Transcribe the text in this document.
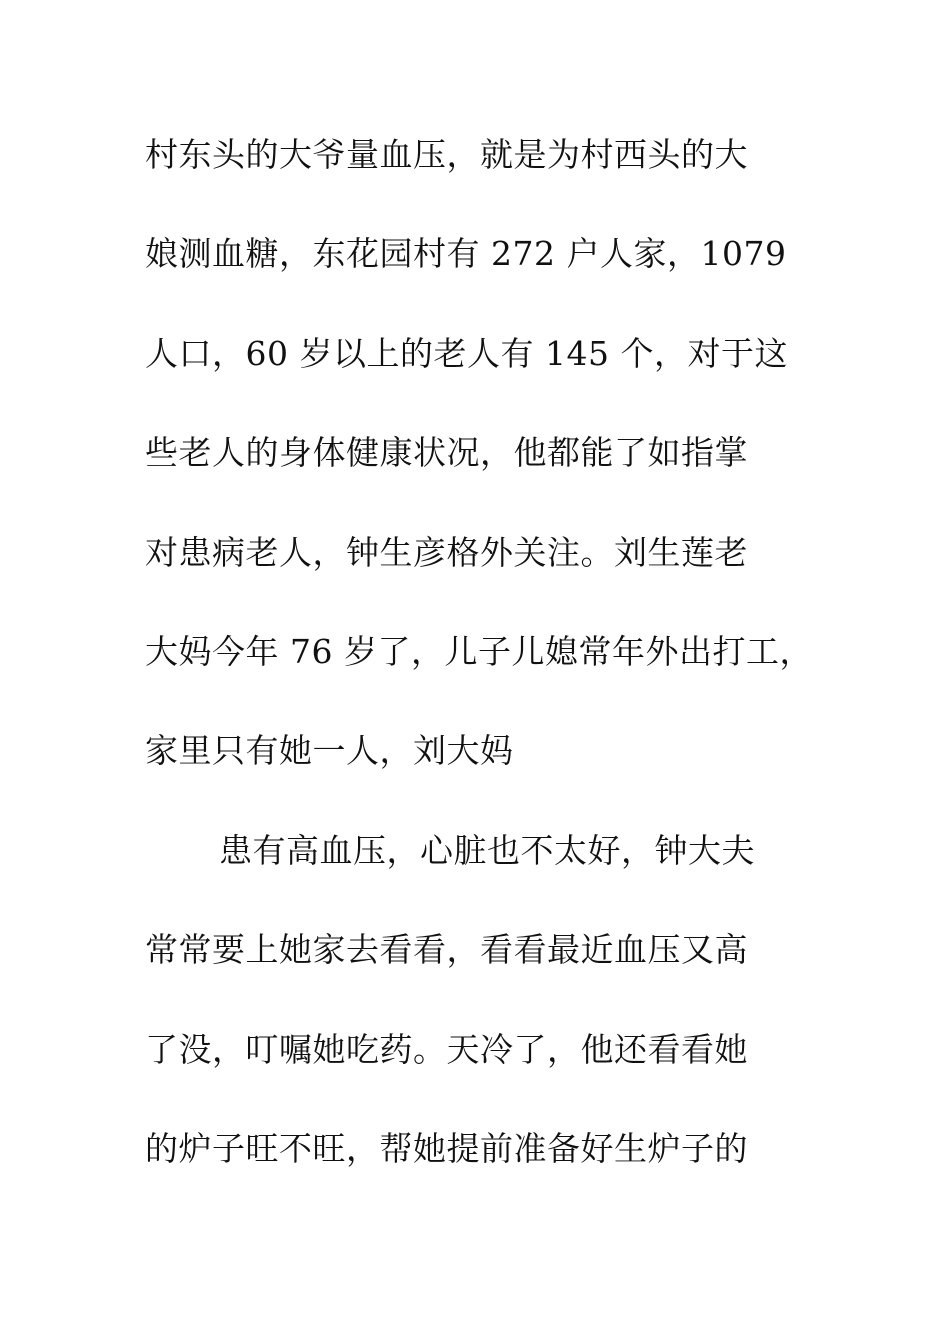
村东头的大爷量血压，就是为村西头的大
娘测血糖，东花园村有 272 户人家，1079
人口，60 岁以上的老人有 145 个，对于这
些老人的身体健康状况，他都能了如指掌
对患病老人，钟生彦格外关注。刘生莲老
大妈今年 76 岁了，儿子儿媳常年外出打工，
家里只有她一人，刘大妈
患有高血压，心脏也不太好，钟大夫
常常要上她家去看看，看看最近血压又高
了没，叮嘱她吃药。天冷了，他还看看她
的炉子旺不旺，帮她提前准备好生炉子的
